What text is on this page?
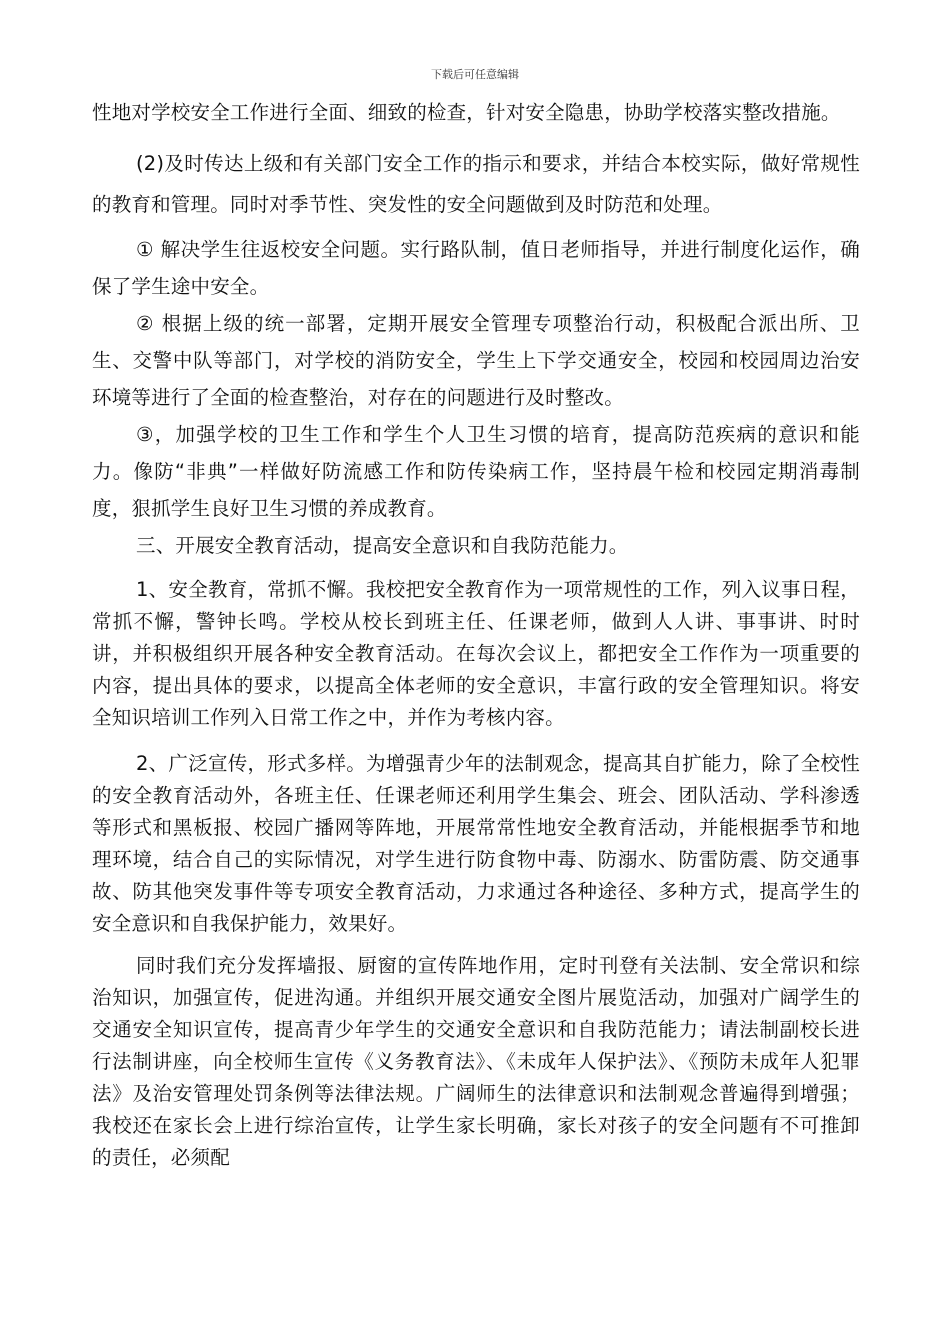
下载后可任意编辑

性地对学校安全工作进行全面、细致的检查，针对安全隐患，协助学校落实整改措施。

(2)及时传达上级和有关部门安全工作的指示和要求，并结合本校实际，做好常规性的教育和管理。同时对季节性、突发性的安全问题做到及时防范和处理。

① 解决学生往返校安全问题。实行路队制，值日老师指导，并进行制度化运作，确保了学生途中安全。

② 根据上级的统一部署，定期开展安全管理专项整治行动，积极配合派出所、卫生、交警中队等部门，对学校的消防安全，学生上下学交通安全，校园和校园周边治安环境等进行了全面的检查整治，对存在的问题进行及时整改。

③，加强学校的卫生工作和学生个人卫生习惯的培育，提高防范疾病的意识和能力。像防“非典”一样做好防流感工作和防传染病工作，坚持晨午检和校园定期消毒制度，狠抓学生良好卫生习惯的养成教育。

三、开展安全教育活动，提高安全意识和自我防范能力。

1、安全教育，常抓不懈。我校把安全教育作为一项常规性的工作，列入议事日程，常抓不懈，警钟长鸣。学校从校长到班主任、任课老师，做到人人讲、事事讲、时时讲，并积极组织开展各种安全教育活动。在每次会议上，都把安全工作作为一项重要的内容，提出具体的要求，以提高全体老师的安全意识，丰富行政的安全管理知识。将安全知识培训工作列入日常工作之中，并作为考核内容。

2、广泛宣传，形式多样。为增强青少年的法制观念，提高其自扩能力，除了全校性的安全教育活动外，各班主任、任课老师还利用学生集会、班会、团队活动、学科渗透等形式和黑板报、校园广播网等阵地，开展常常性地安全教育活动，并能根据季节和地理环境，结合自己的实际情况，对学生进行防食物中毒、防溺水、防雷防震、防交通事故、防其他突发事件等专项安全教育活动，力求通过各种途径、多种方式，提高学生的安全意识和自我保护能力，效果好。

同时我们充分发挥墙报、厨窗的宣传阵地作用，定时刊登有关法制、安全常识和综治知识，加强宣传，促进沟通。并组织开展交通安全图片展览活动，加强对广阔学生的交通安全知识宣传，提高青少年学生的交通安全意识和自我防范能力；请法制副校长进行法制讲座，向全校师生宣传《义务教育法》、《未成年人保护法》、《预防未成年人犯罪法》及治安管理处罚条例等法律法规。广阔师生的法律意识和法制观念普遍得到增强；我校还在家长会上进行综治宣传，让学生家长明确，家长对孩子的安全问题有不可推卸的责任，必须配
